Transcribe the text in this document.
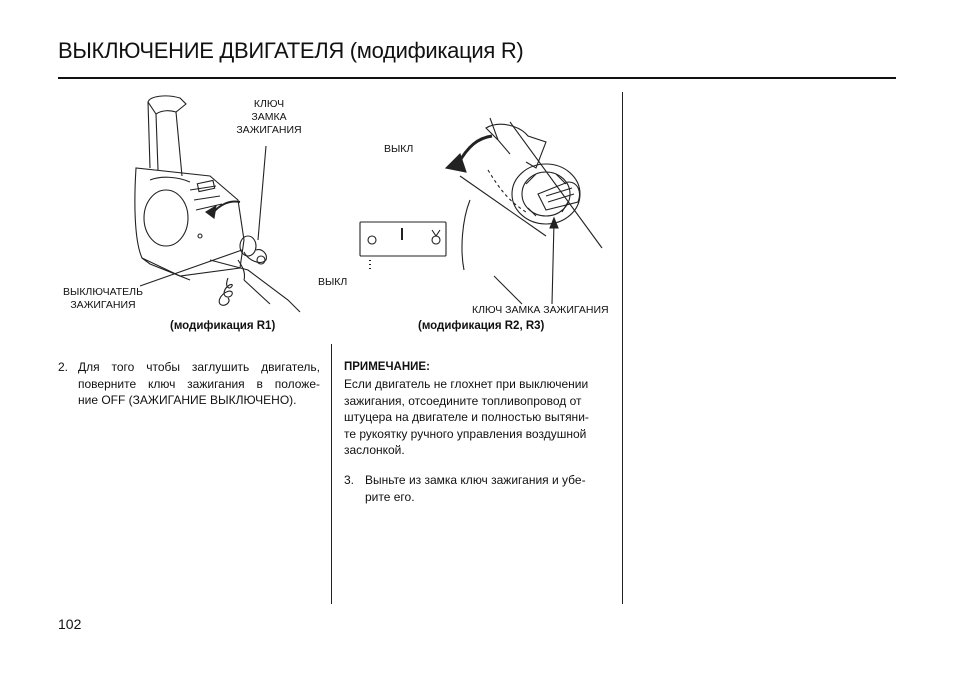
ВЫКЛЮЧЕНИЕ ДВИГАТЕЛЯ (модификация R)
КЛЮЧ
ЗАМКА
ЗАЖИГАНИЯ
ВЫКЛЮЧАТЕЛЬ
ЗАЖИГАНИЯ
(модификация R1)
ВЫКЛ
ВЫКЛ
КЛЮЧ ЗАМКА ЗАЖИГАНИЯ
(модификация R2, R3)
2. Для того чтобы заглушить двигатель,
поверните ключ зажигания в положе-
ние OFF (ЗАЖИГАНИЕ ВЫКЛЮЧЕНО).
ПРИМЕЧАНИЕ:
Если двигатель не глохнет при выключении
зажигания, отсоедините топливопровод от
штуцера на двигателе и полностью вытяни-
те рукоятку ручного управления воздушной
заслонкой.
3. Выньте из замка ключ зажигания и убе-
рите его.
102
